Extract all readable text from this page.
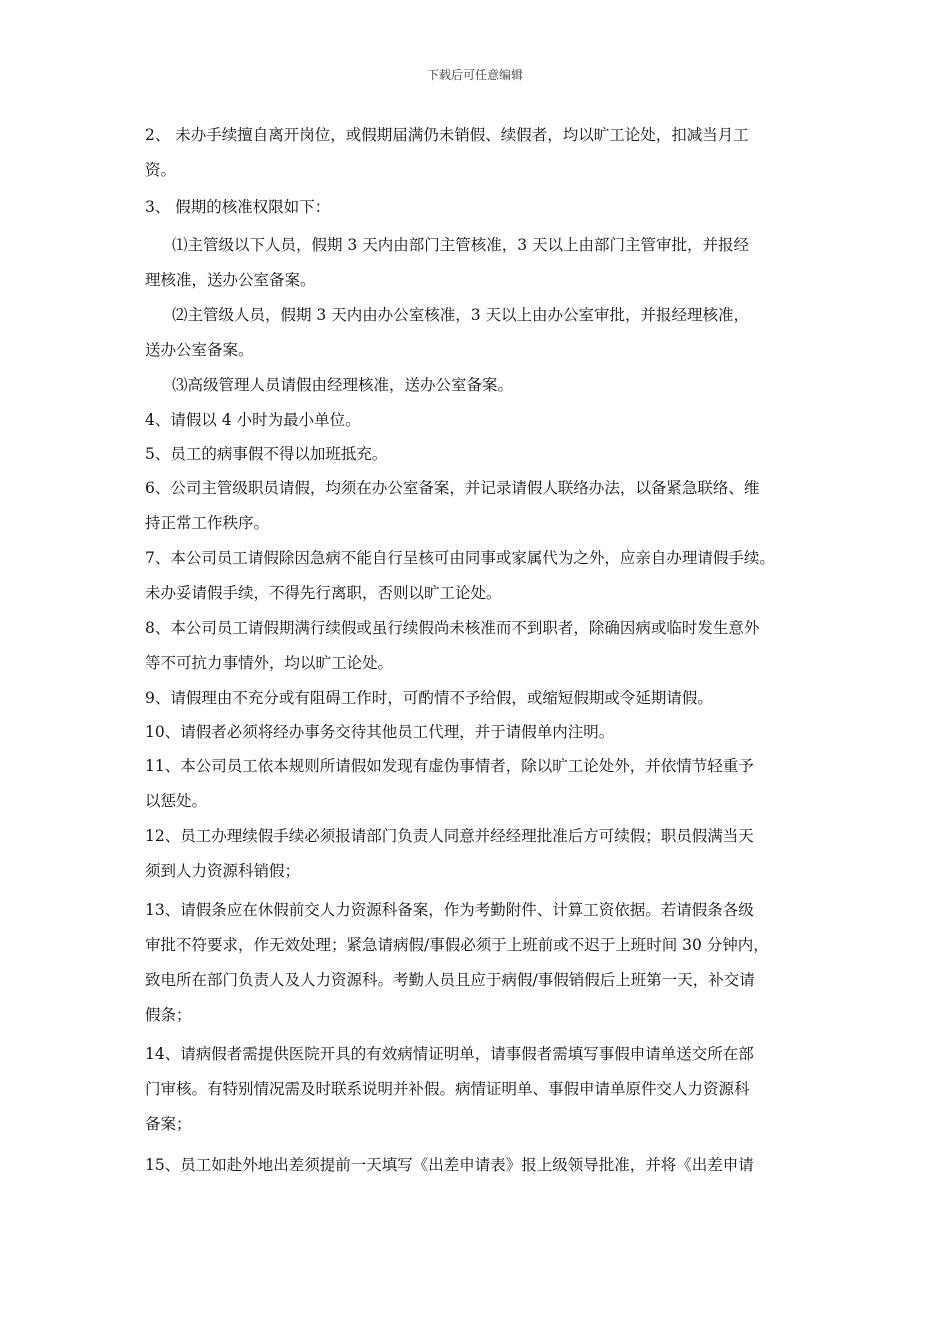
下载后可任意编辑
2、 未办手续擅自离开岗位，或假期届满仍未销假、续假者，均以旷工论处，扣减当月工
资。
3、 假期的核准权限如下：
⑴主管级以下人员，假期 3 天内由部门主管核准，3 天以上由部门主管审批，并报经
理核准，送办公室备案。
⑵主管级人员，假期 3 天内由办公室核准，3 天以上由办公室审批，并报经理核准，
送办公室备案。
⑶高级管理人员请假由经理核准，送办公室备案。
4、请假以 4 小时为最小单位。
5、员工的病事假不得以加班抵充。
6、公司主管级职员请假，均须在办公室备案，并记录请假人联络办法，以备紧急联络、维
持正常工作秩序。
7、本公司员工请假除因急病不能自行呈核可由同事或家属代为之外，应亲自办理请假手续。
未办妥请假手续，不得先行离职，否则以旷工论处。
8、本公司员工请假期满行续假或虽行续假尚未核准而不到职者，除确因病或临时发生意外
等不可抗力事情外，均以旷工论处。
9、请假理由不充分或有阻碍工作时，可酌情不予给假，或缩短假期或令延期请假。
10、请假者必须将经办事务交待其他员工代理，并于请假单内注明。
11、本公司员工依本规则所请假如发现有虚伪事情者，除以旷工论处外，并依情节轻重予
以惩处。
12、员工办理续假手续必须报请部门负责人同意并经经理批准后方可续假；职员假满当天
须到人力资源科销假；
13、请假条应在休假前交人力资源科备案，作为考勤附件、计算工资依据。若请假条各级
审批不符要求，作无效处理；紧急请病假/事假必须于上班前或不迟于上班时间 30 分钟内，
致电所在部门负责人及人力资源科。考勤人员且应于病假/事假销假后上班第一天，补交请
假条；
14、请病假者需提供医院开具的有效病情证明单，请事假者需填写事假申请单送交所在部
门审核。有特别情况需及时联系说明并补假。病情证明单、事假申请单原件交人力资源科
备案；
15、员工如赴外地出差须提前一天填写《出差申请表》报上级领导批准，并将《出差申请
